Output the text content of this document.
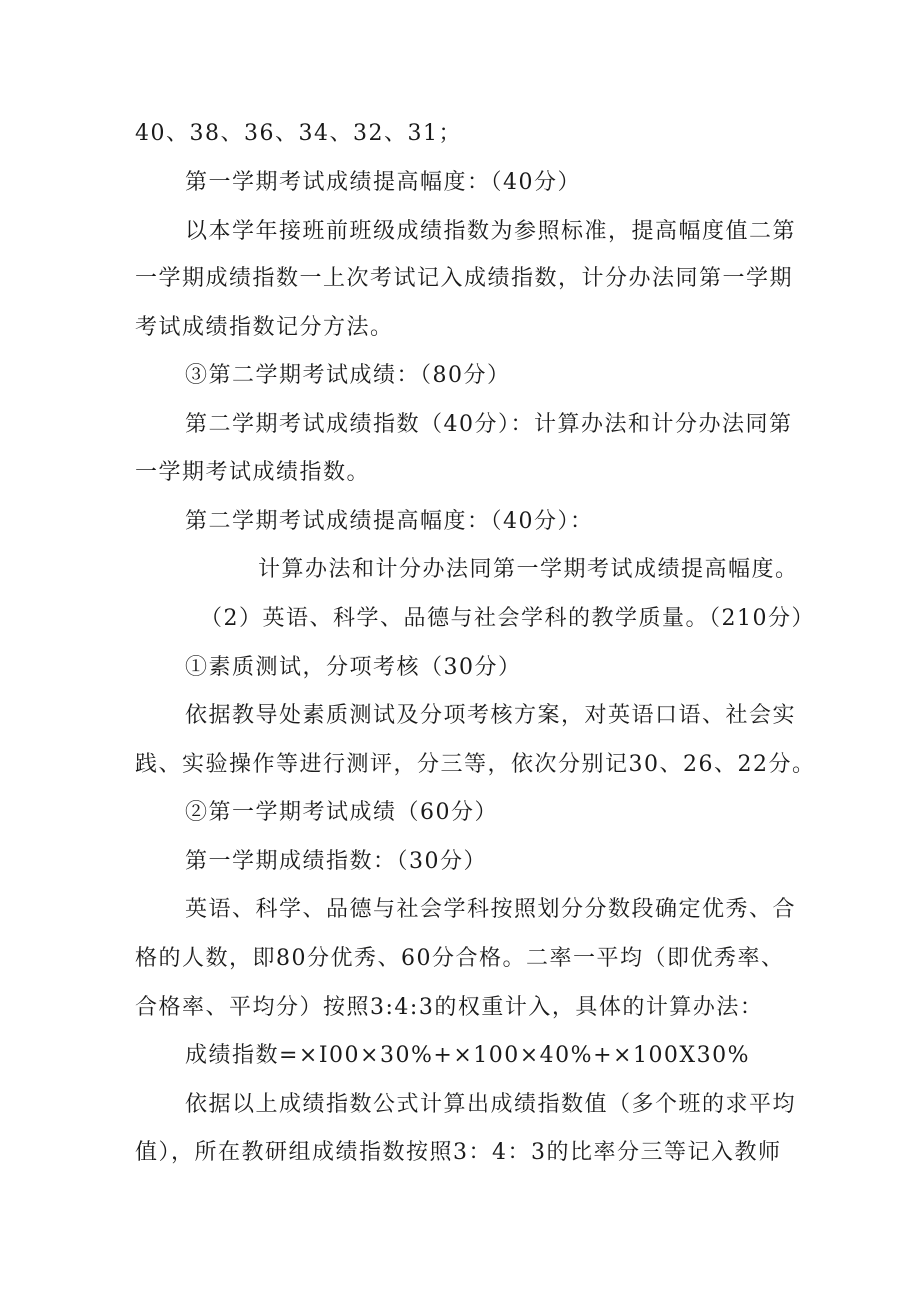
40、38、36、34、32、31；
第一学期考试成绩提高幅度：（40分）
以本学年接班前班级成绩指数为参照标准，提高幅度值二第
一学期成绩指数一上次考试记入成绩指数，计分办法同第一学期
考试成绩指数记分方法。
③第二学期考试成绩：（80分）
第二学期考试成绩指数（40分）：计算办法和计分办法同第
一学期考试成绩指数。
第二学期考试成绩提高幅度：（40分）：
计算办法和计分办法同第一学期考试成绩提高幅度。
（2）英语、科学、品德与社会学科的教学质量。（210分）
①素质测试，分项考核（30分）
依据教导处素质测试及分项考核方案，对英语口语、社会实
践、实验操作等进行测评，分三等，依次分别记30、26、22分。
②第一学期考试成绩（60分）
第一学期成绩指数：（30分）
英语、科学、品德与社会学科按照划分分数段确定优秀、合
格的人数，即80分优秀、60分合格。二率一平均（即优秀率、
合格率、平均分）按照3:4:3的权重计入，具体的计算办法：
成绩指数=×I00×30%+×100×40%+×100X30%
依据以上成绩指数公式计算出成绩指数值（多个班的求平均
值），所在教研组成绩指数按照3：4：3的比率分三等记入教师
